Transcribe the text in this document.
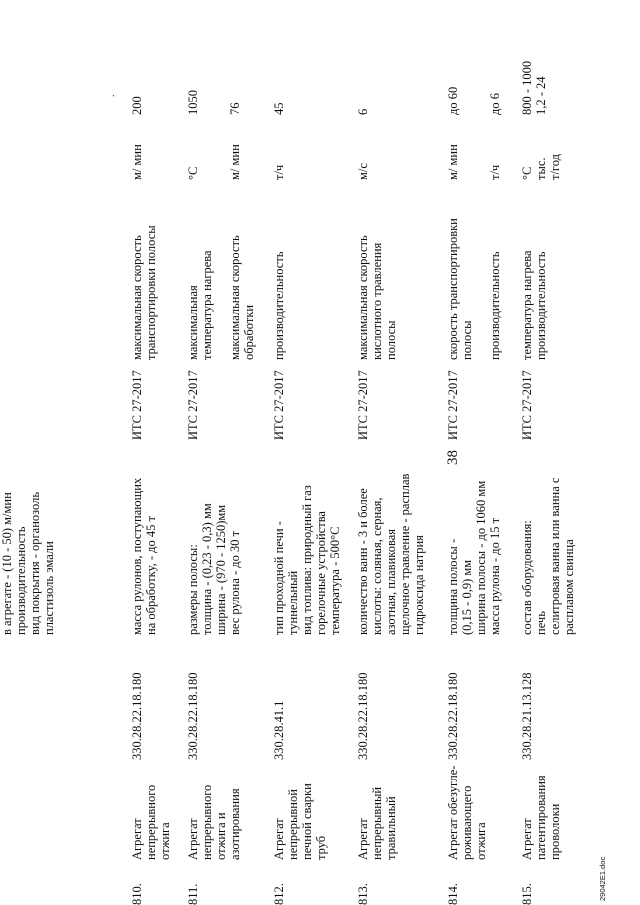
38
.
в агрегате - (10 - 50) м/мин
производительность
вид покрытия - органозоль
пластизоль эмали
810.
Агрегат
непрерывного
отжига
330.28.22.18.180
масса рулонов, поступающих
на обработку, - до 45 т
ИТС 27-2017
максимальная скорость
транспортировки полосы
м/ мин
200
811.
Агрегат
непрерывного
отжига и
азотирования
330.28.22.18.180
размеры полосы:
толщина - (0,23 - 0,3) мм
ширина - (970 - 1250)мм
вес рулона - до 30 т
ИТС 27-2017
максимальная
температура нагрева
°С
1050
максимальная скорость
обработки
м/ мин
76
812.
Агрегат
непрерывной
печной сварки
труб
330.28.41.1
тип проходной печи -
туннельный
вид топлива: природный газ
горелочные устройства
температура - 500°С
ИТС 27-2017
производительность
т/ч
45
813.
Агрегат
непрерывный
травильный
330.28.22.18.180
количество ванн - 3 и более
кислоты: соляная, серная,
азотная, плавиковая
щелочное травление - расплав
гидроксида натрия
ИТС 27-2017
максимальная скорость
кислотного травления
полосы
м/с
6
814.
Агрегат обезугле-
роживающего
отжига
330.28.22.18.180
толщина полосы -
(0,15 - 0,9) мм
ширина полосы - до 1060 мм
масса рулона - до 15 т
ИТС 27-2017
скорость транспортировки
полосы
м/ мин
до 60
производительность
т/ч
до 6
815.
Агрегат
патентирования
проволоки
330.28.21.13.128
состав оборудования:
печь
селитровая ванна или ванна с
расплавом свинца
ИТС 27-2017
температура нагрева
производительность
°С
тыс.
т/год
800 - 1000
1,2 - 24
29042Е1.doc
